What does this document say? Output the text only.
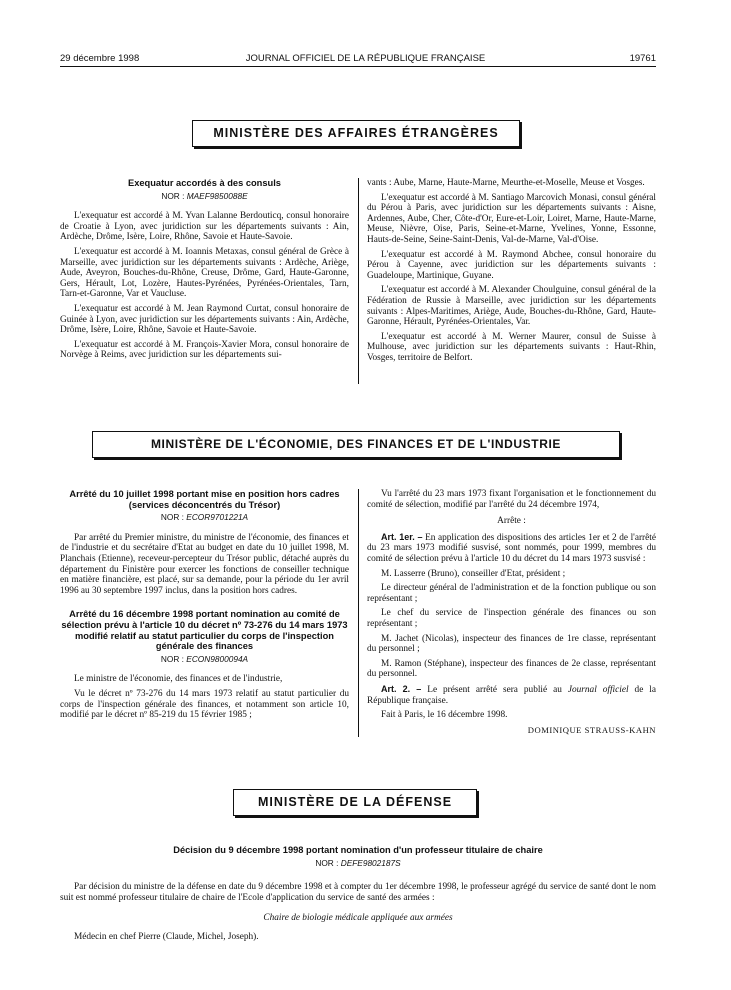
29 décembre 1998	JOURNAL OFFICIEL DE LA RÉPUBLIQUE FRANÇAISE	19761
MINISTÈRE DES AFFAIRES ÉTRANGÈRES
Exequatur accordés à des consuls
NOR : MAEF9850088E

L'exequatur est accordé à M. Yvan Lalanne Berdouticq, consul honoraire de Croatie à Lyon, avec juridiction sur les départements suivants : Ain, Ardèche, Drôme, Isère, Loire, Rhône, Savoie et Haute-Savoie.

L'exequatur est accordé à M. Ioannis Metaxas, consul général de Grèce à Marseille, avec juridiction sur les départements suivants : Ardèche, Ariège, Aude, Aveyron, Bouches-du-Rhône, Creuse, Drôme, Gard, Haute-Garonne, Gers, Hérault, Lot, Lozère, Hautes-Pyrénées, Pyrénées-Orientales, Tarn, Tarn-et-Garonne, Var et Vaucluse.

L'exequatur est accordé à M. Jean Raymond Curtat, consul honoraire de Guinée à Lyon, avec juridiction sur les départements suivants : Ain, Ardèche, Drôme, Isère, Loire, Rhône, Savoie et Haute-Savoie.

L'exequatur est accordé à M. François-Xavier Mora, consul honoraire de Norvège à Reims, avec juridiction sur les départements sui-

vants : Aube, Marne, Haute-Marne, Meurthe-et-Moselle, Meuse et Vosges.

L'exequatur est accordé à M. Santiago Marcovich Monasi, consul général du Pérou à Paris, avec juridiction sur les départements suivants : Aisne, Ardennes, Aube, Cher, Côte-d'Or, Eure-et-Loir, Loiret, Marne, Haute-Marne, Meuse, Nièvre, Oise, Paris, Seine-et-Marne, Yvelines, Yonne, Essonne, Hauts-de-Seine, Seine-Saint-Denis, Val-de-Marne, Val-d'Oise.

L'exequatur est accordé à M. Raymond Abchee, consul honoraire du Pérou à Cayenne, avec juridiction sur les départements suivants : Guadeloupe, Martinique, Guyane.

L'exequatur est accordé à M. Alexander Choulguine, consul général de la Fédération de Russie à Marseille, avec juridiction sur les départements suivants : Alpes-Maritimes, Ariège, Aude, Bouches-du-Rhône, Gard, Haute-Garonne, Hérault, Pyrénées-Orientales, Var.

L'exequatur est accordé à M. Werner Maurer, consul de Suisse à Mulhouse, avec juridiction sur les départements suivants : Haut-Rhin, Vosges, territoire de Belfort.

MINISTÈRE DE L'ÉCONOMIE, DES FINANCES ET DE L'INDUSTRIE
Arrêté du 10 juillet 1998 portant mise en position hors cadres (services déconcentrés du Trésor)
NOR : ECOR9701221A

Par arrêté du Premier ministre, du ministre de l'économie, des finances et de l'industrie et du secrétaire d'Etat au budget en date du 10 juillet 1998, M. Planchais (Etienne), receveur-percepteur du Trésor public, détaché auprès du département du Finistère pour exercer les fonctions de conseiller technique en matière financière, est placé, sur sa demande, pour la période du 1er avril 1996 au 30 septembre 1997 inclus, dans la position hors cadres.

Arrêté du 16 décembre 1998 portant nomination au comité de sélection prévu à l'article 10 du décret nº 73-276 du 14 mars 1973 modifié relatif au statut particulier du corps de l'inspection générale des finances
NOR : ECON9800094A

Le ministre de l'économie, des finances et de l'industrie,

Vu le décret nº 73-276 du 14 mars 1973 relatif au statut particulier du corps de l'inspection générale des finances, et notamment son article 10, modifié par le décret nº 85-219 du 15 février 1985 ;

Vu l'arrêté du 23 mars 1973 fixant l'organisation et le fonctionnement du comité de sélection, modifié par l'arrêté du 24 décembre 1974,

Arrête :

Art. 1er. – En application des dispositions des articles 1er et 2 de l'arrêté du 23 mars 1973 modifié susvisé, sont nommés, pour 1999, membres du comité de sélection prévu à l'article 10 du décret du 14 mars 1973 susvisé :

M. Lasserre (Bruno), conseiller d'Etat, président ;

Le directeur général de l'administration et de la fonction publique ou son représentant ;

Le chef du service de l'inspection générale des finances ou son représentant ;

M. Jachet (Nicolas), inspecteur des finances de 1re classe, représentant du personnel ;

M. Ramon (Stéphane), inspecteur des finances de 2e classe, représentant du personnel.

Art. 2. – Le présent arrêté sera publié au Journal officiel de la République française.

Fait à Paris, le 16 décembre 1998.

DOMINIQUE STRAUSS-KAHN

MINISTÈRE DE LA DÉFENSE
Décision du 9 décembre 1998 portant nomination d'un professeur titulaire de chaire
NOR : DEFE9802187S

Par décision du ministre de la défense en date du 9 décembre 1998 et à compter du 1er décembre 1998, le professeur agrégé du service de santé dont le nom suit est nommé professeur titulaire de chaire de l'Ecole d'application du service de santé des armées :

Chaire de biologie médicale appliquée aux armées

Médecin en chef Pierre (Claude, Michel, Joseph).
